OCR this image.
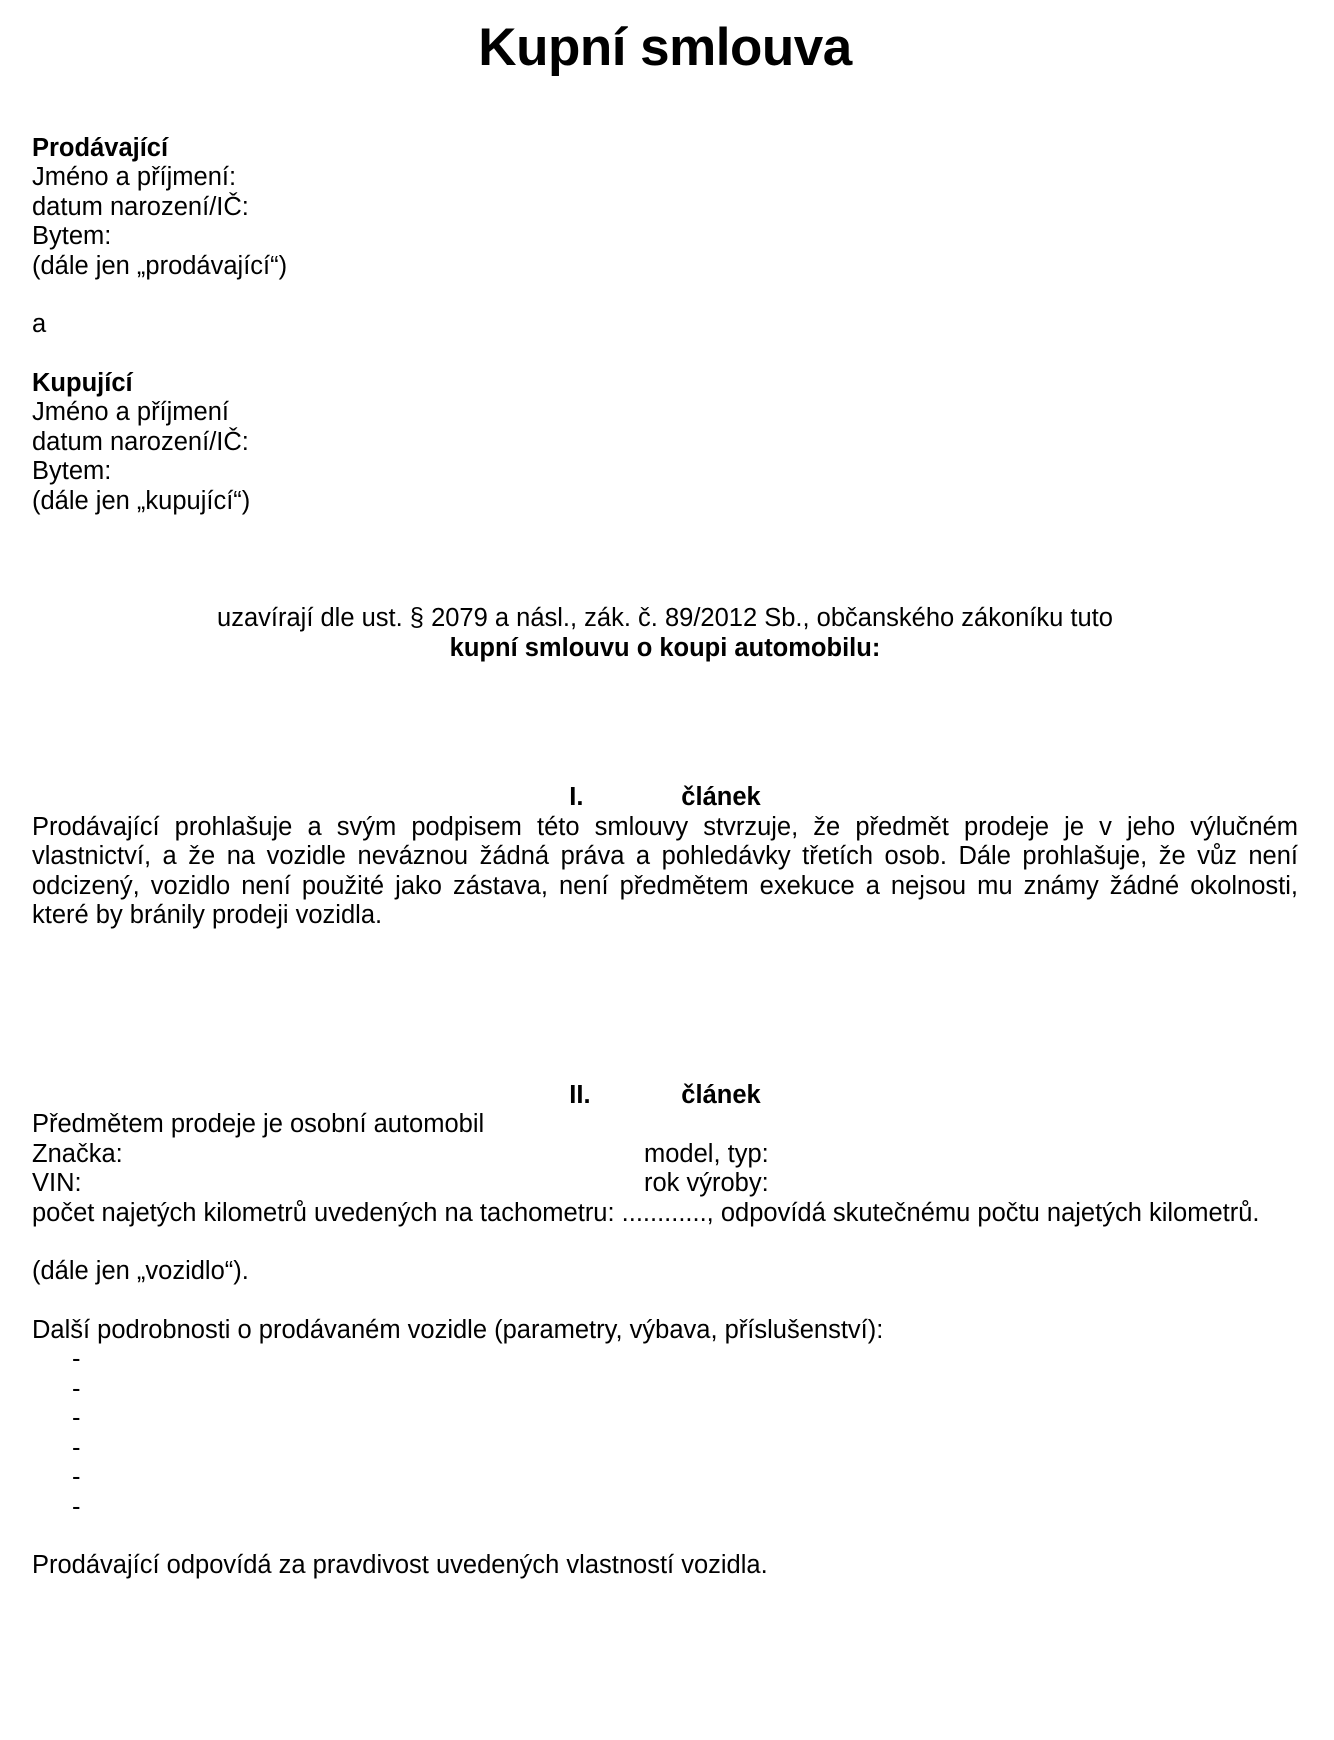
Kupní smlouva
Prodávající
Jméno a příjmení:
datum narození/IČ:
Bytem:
(dále jen „prodávající“)
a
Kupující
Jméno a příjmení
datum narození/IČ:
Bytem:
(dále jen „kupující“)
uzavírají dle ust. § 2079 a násl., zák. č. 89/2012 Sb., občanského zákoníku tuto
kupní smlouvu o koupi automobilu:
I.	článek

Prodávající prohlašuje a svým podpisem této smlouvy stvrzuje, že předmět prodeje je v jeho výlučném vlastnictví, a že na vozidle neváznou žádná práva a pohledávky třetích osob. Dále prohlašuje, že vůz není odcizený, vozidlo není použité jako zástava, není předmětem exekuce a nejsou mu známy žádné okolnosti, které by bránily prodeji vozidla.

II.	článek
Předmětem prodeje je osobní automobil
Značka:	model, typ:
VIN:	rok výroby:
počet najetých kilometrů uvedených na tachometru: ............, odpovídá skutečnému počtu najetých kilometrů.
(dále jen „vozidlo“).
Další podrobnosti o prodávaném vozidle (parametry, výbava, příslušenství):
-
-
-
-
-
-
Prodávající odpovídá za pravdivost uvedených vlastností vozidla.
